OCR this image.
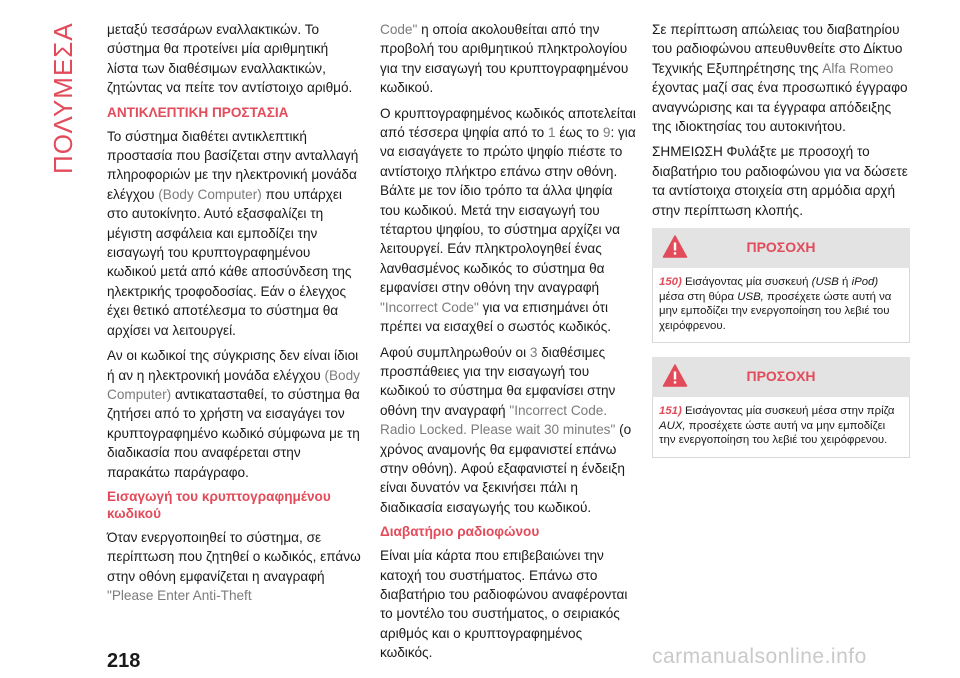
ΠΟΛΥΜΕΣΑ	μεταξύ τεσσάρων εναλλακτικών. Το σύστημα θα προτείνει μία αριθμητική λίστα των διαθέσιμων εναλλακτικών, ζητώντας να πείτε τον αντίστοιχο αριθμό.

ΑΝΤΙΚΛΕΠΤΙΚΗ ΠΡΟΣΤΑΣΙΑ

Το σύστημα διαθέτει αντικλεπτική προστασία που βασίζεται στην ανταλλαγή πληροφοριών με την ηλεκτρονική μονάδα ελέγχου (Body Computer) που υπάρχει στο αυτοκίνητο. Αυτό εξασφαλίζει τη μέγιστη ασφάλεια και εμποδίζει την εισαγωγή του κρυπτογραφημένου κωδικού μετά από κάθε αποσύνδεση της ηλεκτρικής τροφοδοσίας. Εάν ο έλεγχος έχει θετικό αποτέλεσμα το σύστημα θα αρχίσει να λειτουργεί.

Αν οι κωδικοί της σύγκρισης δεν είναι ίδιοι ή αν η ηλεκτρονική μονάδα ελέγχου (Body Computer) αντικατασταθεί, το σύστημα θα ζητήσει από το χρήστη να εισαγάγει τον κρυπτογραφημένο κωδικό σύμφωνα με τη διαδικασία που αναφέρεται στην παρακάτω παράγραφο.

Εισαγωγή του κρυπτογραφημένου κωδικού

Όταν ενεργοποιηθεί το σύστημα, σε περίπτωση που ζητηθεί ο κωδικός, επάνω στην οθόνη εμφανίζεται η αναγραφή "Please Enter Anti-Theft

Code" η οποία ακολουθείται από την προβολή του αριθμητικού πληκτρολογίου για την εισαγωγή του κρυπτογραφημένου κωδικού.

Ο κρυπτογραφημένος κωδικός αποτελείται από τέσσερα ψηφία από το 1 έως το 9: για να εισαγάγετε το πρώτο ψηφίο πιέστε το αντίστοιχο πλήκτρο επάνω στην οθόνη. Βάλτε με τον ίδιο τρόπο τα άλλα ψηφία του κωδικού. Μετά την εισαγωγή του τέταρτου ψηφίου, το σύστημα αρχίζει να λειτουργεί. Εάν πληκτρολογηθεί ένας λανθασμένος κωδικός το σύστημα θα εμφανίσει στην οθόνη την αναγραφή "Incorrect Code" για να επισημάνει ότι πρέπει να εισαχθεί ο σωστός κωδικός.

Αφού συμπληρωθούν οι 3 διαθέσιμες προσπάθειες για την εισαγωγή του κωδικού το σύστημα θα εμφανίσει στην οθόνη την αναγραφή "Incorrect Code. Radio Locked. Please wait 30 minutes" (ο χρόνος αναμονής θα εμφανιστεί επάνω στην οθόνη). Αφού εξαφανιστεί η ένδειξη είναι δυνατόν να ξεκινήσει πάλι η διαδικασία εισαγωγής του κωδικού.

Διαβατήριο ραδιοφώνου

Είναι μία κάρτα που επιβεβαιώνει την κατοχή του συστήματος. Επάνω στο διαβατήριο του ραδιοφώνου αναφέρονται το μοντέλο του συστήματος, ο σειριακός αριθμός και ο κρυπτογραφημένος κωδικός.

Σε περίπτωση απώλειας του διαβατηρίου του ραδιοφώνου απευθυνθείτε στο Δίκτυο Τεχνικής Εξυπηρέτησης της Alfa Romeo έχοντας μαζί σας ένα προσωπικό έγγραφο αναγνώρισης και τα έγγραφα απόδειξης της ιδιοκτησίας του αυτοκινήτου.

ΣΗΜΕΙΩΣΗ Φυλάξτε με προσοχή το διαβατήριο του ραδιοφώνου για να δώσετε τα αντίστοιχα στοιχεία στη αρμόδια αρχή στην περίπτωση κλοπής.

ΠΡΟΣΟΧΗ
150) Εισάγοντας μία συσκευή (USB ή iPod) μέσα στη θύρα USB, προσέχετε ώστε αυτή να μην εμποδίζει την ενεργοποίηση του λεβιέ του χειρόφρενου.
ΠΡΟΣΟΧΗ
151) Εισάγοντας μία συσκευή μέσα στην πρίζα AUX, προσέχετε ώστε αυτή να μην εμποδίζει την ενεργοποίηση του λεβιέ του χειρόφρενου.
218	carmanualsonline.info
